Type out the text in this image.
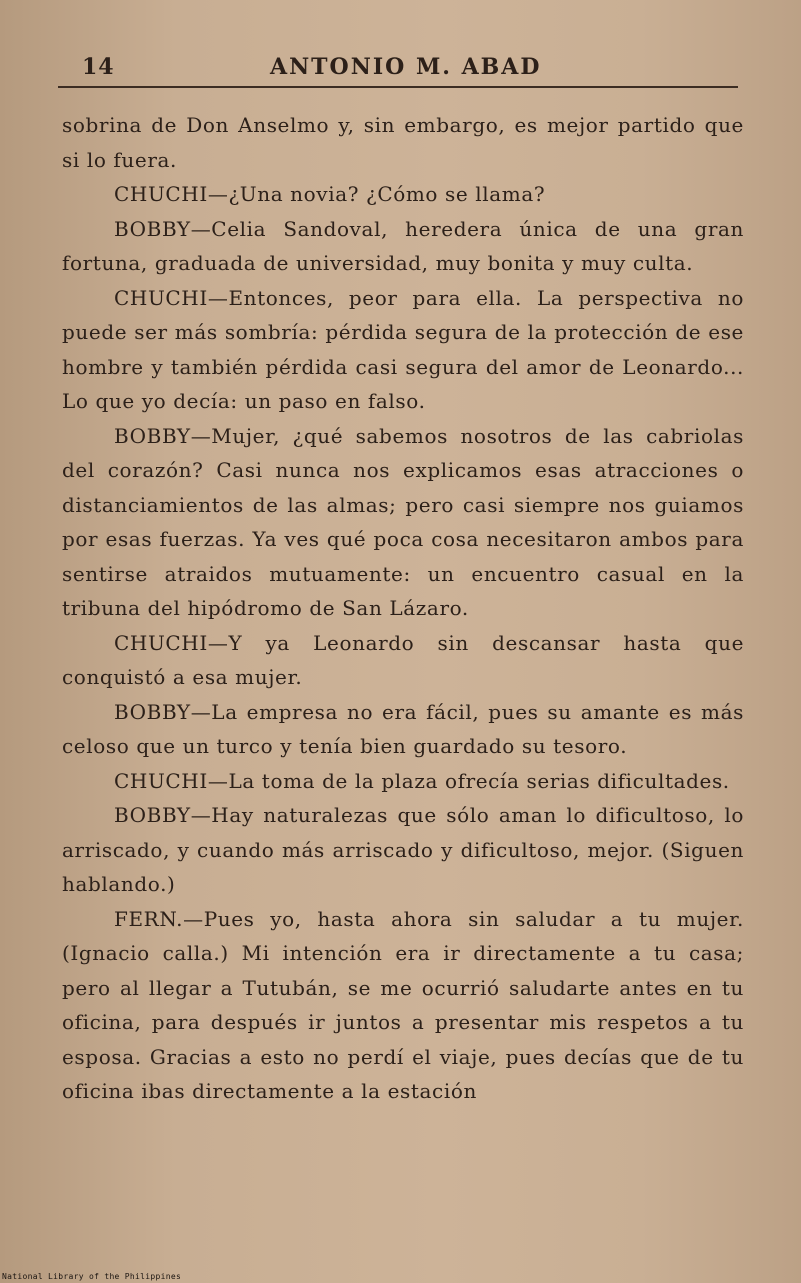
14	ANTONIO M. ABAD

sobrina de Don Anselmo y, sin embargo, es mejor partido que si lo fuera.

CHUCHI—¿Una novia? ¿Cómo se llama?

BOBBY—Celia Sandoval, heredera única de una gran fortuna, graduada de universidad, muy bonita y muy culta.

CHUCHI—Entonces, peor para ella. La perspectiva no puede ser más sombría: pérdida segura de la protección de ese hombre y también pérdida casi segura del amor de Leonardo... Lo que yo decía: un paso en falso.

BOBBY—Mujer, ¿qué sabemos nosotros de las cabriolas del corazón? Casi nunca nos explicamos esas atracciones o distanciamientos de las almas; pero casi siempre nos guiamos por esas fuerzas. Ya ves qué poca cosa necesitaron ambos para sentirse atraidos mutuamente: un encuentro casual en la tribuna del hipódromo de San Lázaro.

CHUCHI—Y ya Leonardo sin descansar hasta que conquistó a esa mujer.

BOBBY—La empresa no era fácil, pues su amante es más celoso que un turco y tenía bien guardado su tesoro.

CHUCHI—La toma de la plaza ofrecía serias dificultades.

BOBBY—Hay naturalezas que sólo aman lo dificultoso, lo arriscado, y cuando más arriscado y dificultoso, mejor. (Siguen hablando.)

FERN.—Pues yo, hasta ahora sin saludar a tu mujer. (Ignacio calla.) Mi intención era ir directamente a tu casa; pero al llegar a Tutubán, se me ocurrió saludarte antes en tu oficina, para después ir juntos a presentar mis respetos a tu esposa. Gracias a esto no perdí el viaje, pues decías que de tu oficina ibas directamente a la estación

National Library of the Philippines
